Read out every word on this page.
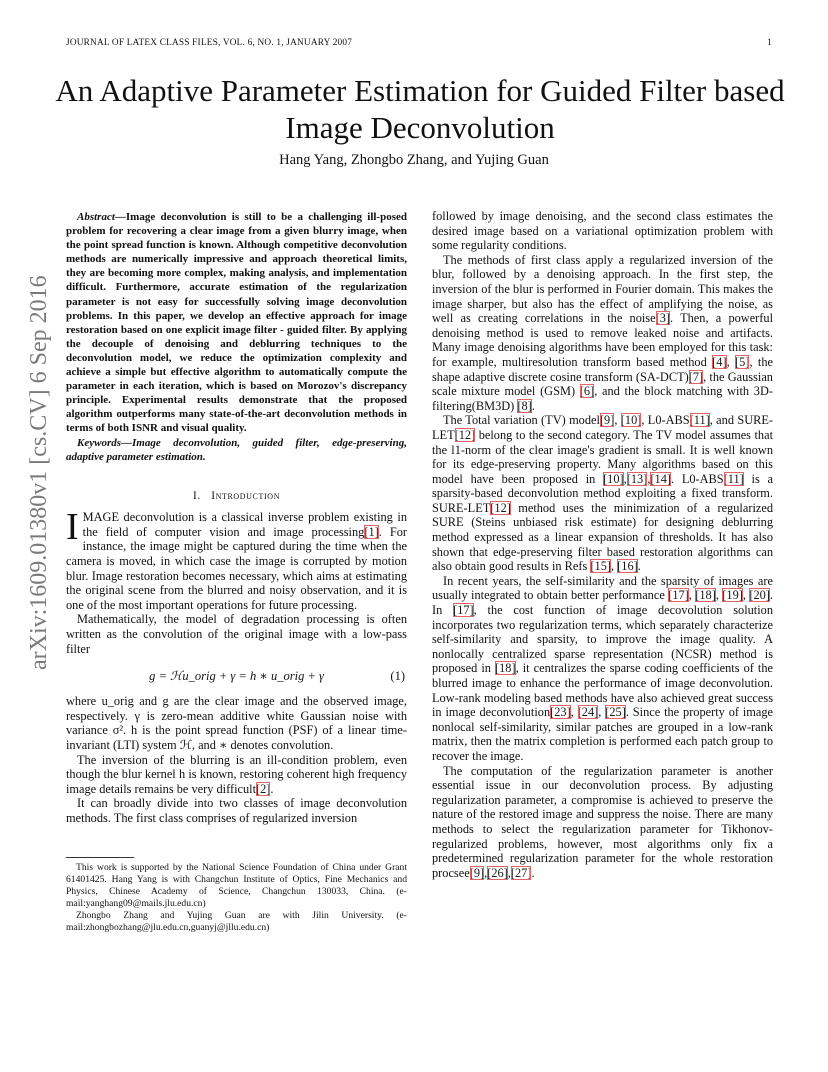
JOURNAL OF LATEX CLASS FILES, VOL. 6, NO. 1, JANUARY 2007	1
An Adaptive Parameter Estimation for Guided Filter based Image Deconvolution
Hang Yang, Zhongbo Zhang, and Yujing Guan
arXiv:1609.01380v1 [cs.CV] 6 Sep 2016

Abstract—Image deconvolution is still to be a challenging ill-posed problem for recovering a clear image from a given blurry image, when the point spread function is known. Although competitive deconvolution methods are numerically impressive and approach theoretical limits, they are becoming more complex, making analysis, and implementation difficult. Furthermore, accurate estimation of the regularization parameter is not easy for successfully solving image deconvolution problems. In this paper, we develop an effective approach for image restoration based on one explicit image filter - guided filter. By applying the decouple of denoising and deblurring techniques to the deconvolution model, we reduce the optimization complexity and achieve a simple but effective algorithm to automatically compute the parameter in each iteration, which is based on Morozov's discrepancy principle. Experimental results demonstrate that the proposed algorithm outperforms many state-of-the-art deconvolution methods in terms of both ISNR and visual quality.

Keywords—Image deconvolution, guided filter, edge-preserving, adaptive parameter estimation.

I. Introduction

IMAGE deconvolution is a classical inverse problem existing in the field of computer vision and image processing[1]. For instance, the image might be captured during the time when the camera is moved, in which case the image is corrupted by motion blur. Image restoration becomes necessary, which aims at estimating the original scene from the blurred and noisy observation, and it is one of the most important operations for future processing.

Mathematically, the model of degradation processing is often written as the convolution of the original image with a low-pass filter

g = ℋu_orig + γ = h ∗ u_orig + γ	(1)

where u_orig and g are the clear image and the observed image, respectively. γ is zero-mean additive white Gaussian noise with variance σ². h is the point spread function (PSF) of a linear time-invariant (LTI) system ℋ, and ∗ denotes convolution.

The inversion of the blurring is an ill-condition problem, even though the blur kernel h is known, restoring coherent high frequency image details remains be very difficult[2].

It can broadly divide into two classes of image deconvolution methods. The first class comprises of regularized inversion

This work is supported by the National Science Foundation of China under Grant 61401425. Hang Yang is with Changchun Institute of Optics, Fine Mechanics and Physics, Chinese Academy of Science, Changchun 130033, China. (e-mail:yanghang09@mails.jlu.edu.cn)

Zhongbo Zhang and Yujing Guan are with Jilin University. (e-mail:zhongbozhang@jlu.edu.cn,guanyj@jllu.edu.cn)

followed by image denoising, and the second class estimates the desired image based on a variational optimization problem with some regularity conditions.

The methods of first class apply a regularized inversion of the blur, followed by a denoising approach. In the first step, the inversion of the blur is performed in Fourier domain. This makes the image sharper, but also has the effect of amplifying the noise, as well as creating correlations in the noise[3]. Then, a powerful denoising method is used to remove leaked noise and artifacts. Many image denoising algorithms have been employed for this task: for example, multiresolution transform based method [4], [5], the shape adaptive discrete cosine transform (SA-DCT)[7], the Gaussian scale mixture model (GSM) [6], and the block matching with 3D-filtering(BM3D) [8].

The Total variation (TV) model[9], [10], L0-ABS[11], and SURE-LET[12] belong to the second category. The TV model assumes that the l1-norm of the clear image's gradient is small. It is well known for its edge-preserving property. Many algorithms based on this model have been proposed in [10],[13],[14]. L0-ABS[11] is a sparsity-based deconvolution method exploiting a fixed transform. SURE-LET[12] method uses the minimization of a regularized SURE (Steins unbiased risk estimate) for designing deblurring method expressed as a linear expansion of thresholds. It has also shown that edge-preserving filter based restoration algorithms can also obtain good results in Refs [15], [16].

In recent years, the self-similarity and the sparsity of images are usually integrated to obtain better performance [17], [18], [19], [20]. In [17], the cost function of image decovolution solution incorporates two regularization terms, which separately characterize self-similarity and sparsity, to improve the image quality. A nonlocally centralized sparse representation (NCSR) method is proposed in [18], it centralizes the sparse coding coefficients of the blurred image to enhance the performance of image deconvolution. Low-rank modeling based methods have also achieved great success in image deconvolution[23], [24], [25]. Since the property of image nonlocal self-similarity, similar patches are grouped in a low-rank matrix, then the matrix completion is performed each patch group to recover the image.

The computation of the regularization parameter is another essential issue in our deconvolution process. By adjusting regularization parameter, a compromise is achieved to preserve the nature of the restored image and suppress the noise. There are many methods to select the regularization parameter for Tikhonov-regularized problems, however, most algorithms only fix a predetermined regularization parameter for the whole restoration procsee[9],[26],[27].
